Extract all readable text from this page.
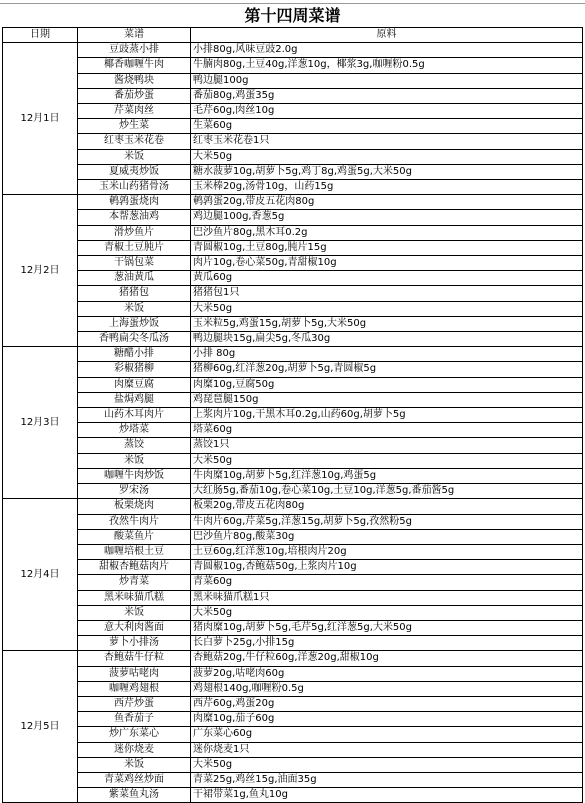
第十四周菜谱
日期	菜谱	原料
12月1日	豆豉蒸小排	小排80g,风味豆豉2.0g
	椰香咖喱牛肉	牛腩肉80g,土豆40g,洋葱10g，椰浆3g,咖喱粉0.5g
	酱烧鸭块	鸭边腿100g
	番茄炒蛋	番茄80g,鸡蛋35g
	芹菜肉丝	毛芹60g,肉丝10g
	炒生菜	生菜60g
	红枣玉米花卷	红枣玉米花卷1只
	米饭	大米50g
	夏威夷炒饭	糖水菠萝10g,胡萝卜5g,鸡丁8g,鸡蛋5g,大米50g
	玉米山药猪骨汤	玉米棒20g,汤骨10g，山药15g
12月2日	鹌鹑蛋烧肉	鹌鹑蛋20g,带皮五花肉80g
	本帮葱油鸡	鸡边腿100g,香葱5g
	滑炒鱼片	巴沙鱼片80g,黑木耳0.2g
	青椒土豆肫片	青圆椒10g,土豆80g,肫片15g
	干锅包菜	肉片10g,卷心菜50g,青甜椒10g
	葱油黄瓜	黄瓜60g
	猪猪包	猪猪包1只
	米饭	大米50g
	上海蛋炒饭	玉米粒5g,鸡蛋15g,胡萝卜5g,大米50g
	香鸭扁尖冬瓜汤	鸭边腿块15g,扁尖5g,冬瓜30g
12月3日	糖醋小排	小排 80g
	彩椒猪柳	猪柳60g,红洋葱20g,胡萝卜5g,青圆椒5g
	肉糜豆腐	肉糜10g,豆腐50g
	盐焗鸡腿	鸡琵琶腿150g
	山药木耳肉片	上浆肉片10g,干黑木耳0.2g,山药60g,胡萝卜5g
	炒塔菜	塔菜60g
	蒸饺	蒸饺1只
	米饭	大米50g
	咖喱牛肉炒饭	牛肉糜10g,胡萝卜5g,红洋葱10g,鸡蛋5g
	罗宋汤	大红肠5g,番茄10g,卷心菜10g,土豆10g,洋葱5g,番茄酱5g
12月4日	板栗烧肉	板栗20g,带皮五花肉80g
	孜然牛肉片	牛肉片60g,芹菜5g,洋葱15g,胡萝卜5g,孜然粉5g
	酸菜鱼片	巴沙鱼片80g,酸菜30g
	咖喱培根土豆	土豆60g,红洋葱10g,培根肉片20g
	甜椒杏鲍菇肉片	青圆椒10g,杏鲍菇50g,上浆肉片10g
	炒青菜	青菜60g
	黑米味猫爪糕	黑米味猫爪糕1只
	米饭	大米50g
	意大利肉酱面	猪肉糜10g,胡萝卜5g,毛芹5g,红洋葱5g,大米50g
	萝卜小排汤	长白萝卜25g,小排15g
12月5日	杏鲍菇牛仔粒	杏鲍菇20g,牛仔粒60g,洋葱20g,甜椒10g
	菠萝咕咾肉	菠萝20g,咕咾肉60g
	咖喱鸡翅根	鸡翅根140g,咖喱粉0.5g
	西芹炒蛋	西芹60g,鸡蛋20g
	鱼香茄子	肉糜10g,茄子60g
	炒广东菜心	广东菜心60g
	迷你烧麦	迷你烧麦1只
	米饭	大米50g
	青菜鸡丝炒面	青菜25g,鸡丝15g,油面35g
	紫菜鱼丸汤	干裙带菜1g,鱼丸10g
